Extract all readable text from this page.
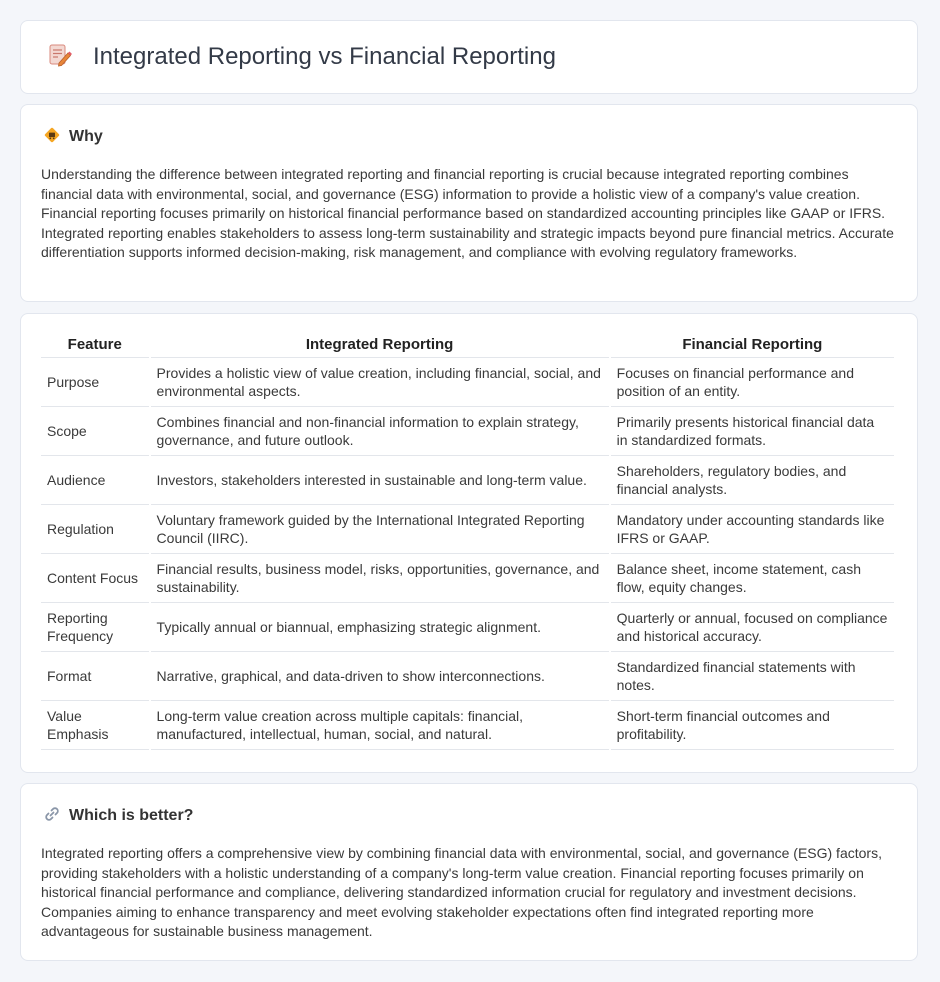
Integrated Reporting vs Financial Reporting
Why

Understanding the difference between integrated reporting and financial reporting is crucial because integrated reporting combines financial data with environmental, social, and governance (ESG) information to provide a holistic view of a company's value creation. Financial reporting focuses primarily on historical financial performance based on standardized accounting principles like GAAP or IFRS. Integrated reporting enables stakeholders to assess long-term sustainability and strategic impacts beyond pure financial metrics. Accurate differentiation supports informed decision-making, risk management, and compliance with evolving regulatory frameworks.

Feature	Integrated Reporting	Financial Reporting
Purpose	Provides a holistic view of value creation, including financial, social, and environmental aspects.	Focuses on financial performance and position of an entity.
Scope	Combines financial and non-financial information to explain strategy, governance, and future outlook.	Primarily presents historical financial data in standardized formats.
Audience	Investors, stakeholders interested in sustainable and long-term value.	Shareholders, regulatory bodies, and financial analysts.
Regulation	Voluntary framework guided by the International Integrated Reporting Council (IIRC).	Mandatory under accounting standards like IFRS or GAAP.
Content Focus	Financial results, business model, risks, opportunities, governance, and sustainability.	Balance sheet, income statement, cash flow, equity changes.
Reporting Frequency	Typically annual or biannual, emphasizing strategic alignment.	Quarterly or annual, focused on compliance and historical accuracy.
Format	Narrative, graphical, and data-driven to show interconnections.	Standardized financial statements with notes.
Value Emphasis	Long-term value creation across multiple capitals: financial, manufactured, intellectual, human, social, and natural.	Short-term financial outcomes and profitability.
Which is better?

Integrated reporting offers a comprehensive view by combining financial data with environmental, social, and governance (ESG) factors, providing stakeholders with a holistic understanding of a company's long-term value creation. Financial reporting focuses primarily on historical financial performance and compliance, delivering standardized information crucial for regulatory and investment decisions. Companies aiming to enhance transparency and meet evolving stakeholder expectations often find integrated reporting more advantageous for sustainable business management.
